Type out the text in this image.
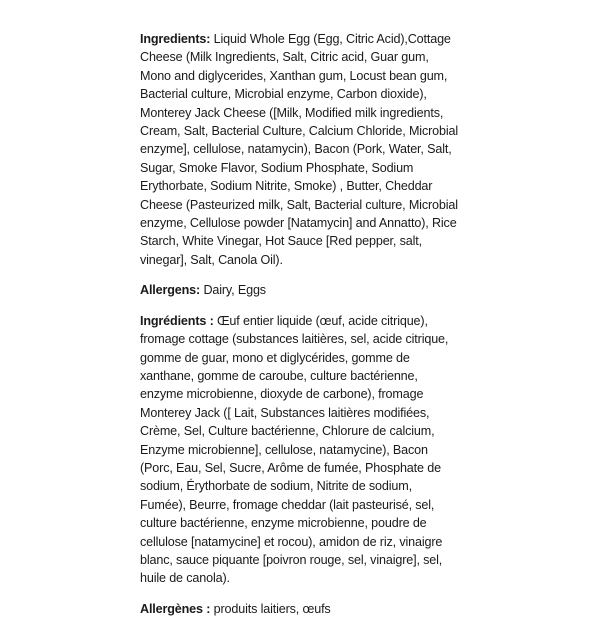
Ingredients: Liquid Whole Egg (Egg, Citric Acid),Cottage Cheese (Milk Ingredients, Salt, Citric acid, Guar gum, Mono and diglycerides, Xanthan gum, Locust bean gum, Bacterial culture, Microbial enzyme, Carbon dioxide), Monterey Jack Cheese ([Milk, Modified milk ingredients, Cream, Salt, Bacterial Culture, Calcium Chloride, Microbial enzyme], cellulose, natamycin), Bacon (Pork, Water, Salt, Sugar, Smoke Flavor, Sodium Phosphate, Sodium Erythorbate, Sodium Nitrite, Smoke) , Butter, Cheddar Cheese (Pasteurized milk, Salt, Bacterial culture, Microbial enzyme, Cellulose powder [Natamycin] and Annatto), Rice Starch, White Vinegar, Hot Sauce [Red pepper, salt, vinegar], Salt, Canola Oil).

Allergens: Dairy, Eggs

Ingrédients : Œuf entier liquide (œuf, acide citrique), fromage cottage (substances laitières, sel, acide citrique, gomme de guar, mono et diglycérides, gomme de xanthane, gomme de caroube, culture bactérienne, enzyme microbienne, dioxyde de carbone), fromage Monterey Jack ([ Lait, Substances laitières modifiées, Crème, Sel, Culture bactérienne, Chlorure de calcium, Enzyme microbienne], cellulose, natamycine), Bacon (Porc, Eau, Sel, Sucre, Arôme de fumée, Phosphate de sodium, Érythorbate de sodium, Nitrite de sodium, Fumée), Beurre, fromage cheddar (lait pasteurisé, sel, culture bactérienne, enzyme microbienne, poudre de cellulose [natamycine] et rocou), amidon de riz, vinaigre blanc, sauce piquante [poivron rouge, sel, vinaigre], sel, huile de canola).

Allergènes : produits laitiers, œufs
